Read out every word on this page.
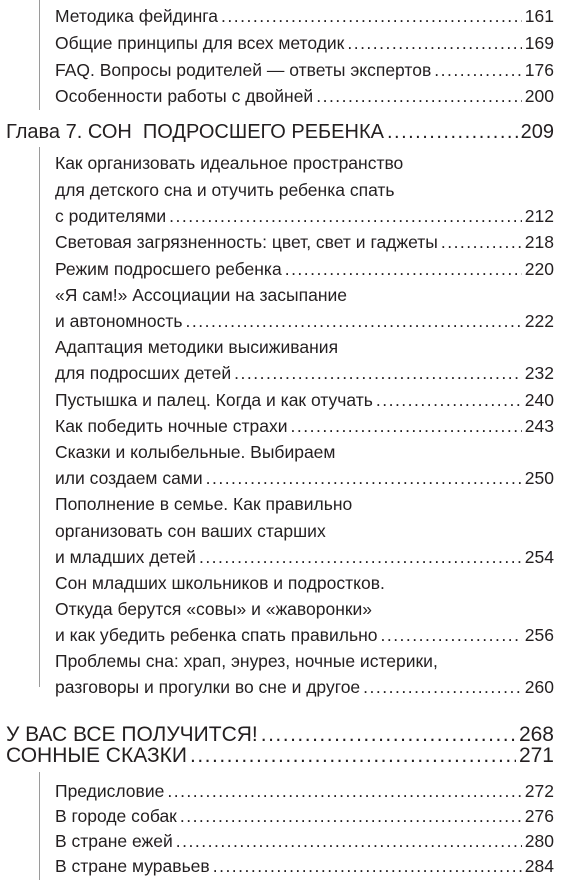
Методика фейдинга .....	161
Общие принципы для всех методик .....	169
FAQ. Вопросы родителей — ответы экспертов .....	176
Особенности работы с двойней .....	200
Глава 7. СОН  ПОДРОСШЕГО РЕБЕНКА .....	209
Как организовать идеальное пространство
для детского сна и отучить ребенка спать
с родителями .....	212
Световая загрязненность: цвет, свет и гаджеты .....	218
Режим подросшего ребенка .....	220
«Я сам!» Ассоциации на засыпание
и автономность .....	222
Адаптация методики высиживания
для подросших детей .....	232
Пустышка и палец. Когда и как отучать .....	240
Как победить ночные страхи .....	243
Сказки и колыбельные. Выбираем
или создаем сами .....	250
Пополнение в семье. Как правильно
организовать сон ваших старших
и младших детей .....	254
Сон младших школьников и подростков.
Откуда берутся «совы» и «жаворонки»
и как убедить ребенка спать правильно .....	256
Проблемы сна: храп, энурез, ночные истерики,
разговоры и прогулки во сне и другое .....	260
У ВАС ВСЕ ПОЛУЧИТСЯ! .....	268
СОННЫЕ СКАЗКИ .....	271
Предисловие .....	272
В городе собак .....	276
В стране ежей .....	280
В стране муравьев .....	284
